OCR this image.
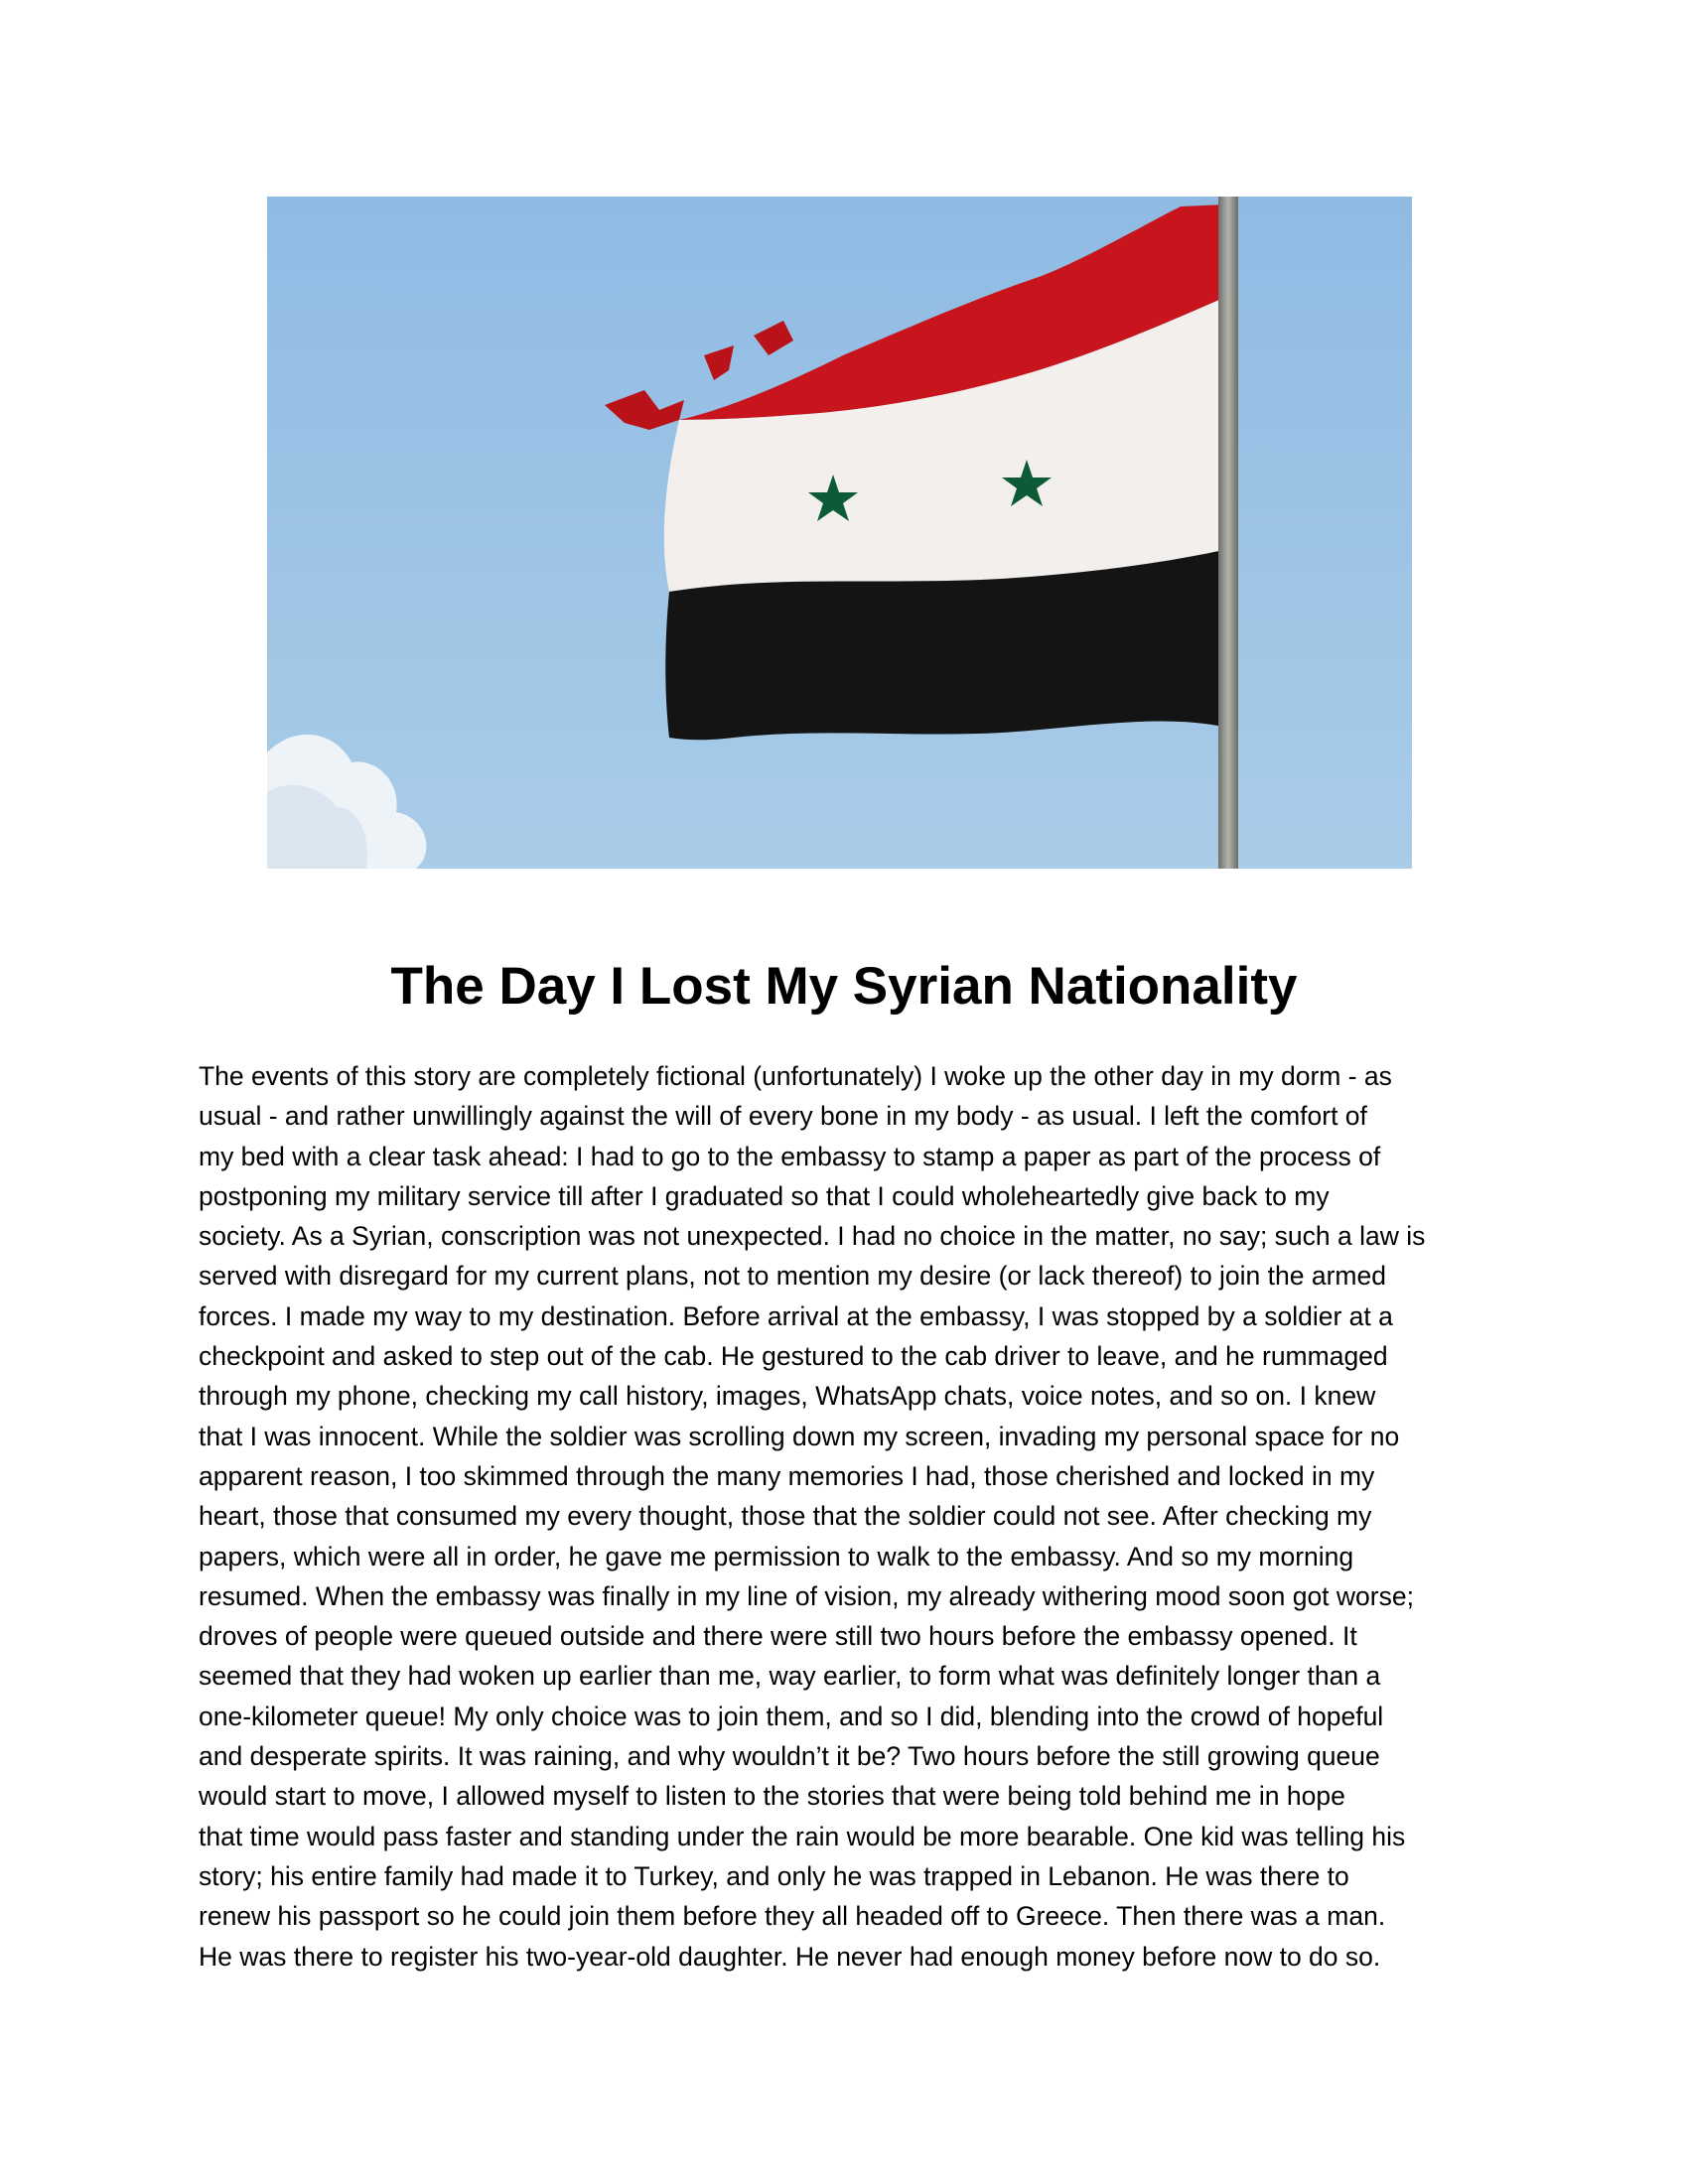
The Day I Lost My Syrian Nationality
The events of this story are completely fictional (unfortunately) I woke up the other day in my dorm - as
usual - and rather unwillingly against the will of every bone in my body - as usual. I left the comfort of
my bed with a clear task ahead: I had to go to the embassy to stamp a paper as part of the process of
postponing my military service till after I graduated so that I could wholeheartedly give back to my
society. As a Syrian, conscription was not unexpected. I had no choice in the matter, no say; such a law is
served with disregard for my current plans, not to mention my desire (or lack thereof) to join the armed
forces. I made my way to my destination. Before arrival at the embassy, I was stopped by a soldier at a
checkpoint and asked to step out of the cab. He gestured to the cab driver to leave, and he rummaged
through my phone, checking my call history, images, WhatsApp chats, voice notes, and so on. I knew
that I was innocent. While the soldier was scrolling down my screen, invading my personal space for no
apparent reason, I too skimmed through the many memories I had, those cherished and locked in my
heart, those that consumed my every thought, those that the soldier could not see. After checking my
papers, which were all in order, he gave me permission to walk to the embassy. And so my morning
resumed. When the embassy was finally in my line of vision, my already withering mood soon got worse;
droves of people were queued outside and there were still two hours before the embassy opened. It
seemed that they had woken up earlier than me, way earlier, to form what was definitely longer than a
one-kilometer queue! My only choice was to join them, and so I did, blending into the crowd of hopeful
and desperate spirits. It was raining, and why wouldn’t it be? Two hours before the still growing queue
would start to move, I allowed myself to listen to the stories that were being told behind me in hope
that time would pass faster and standing under the rain would be more bearable. One kid was telling his
story; his entire family had made it to Turkey, and only he was trapped in Lebanon. He was there to
renew his passport so he could join them before they all headed off to Greece. Then there was a man.
He was there to register his two-year-old daughter. He never had enough money before now to do so.
